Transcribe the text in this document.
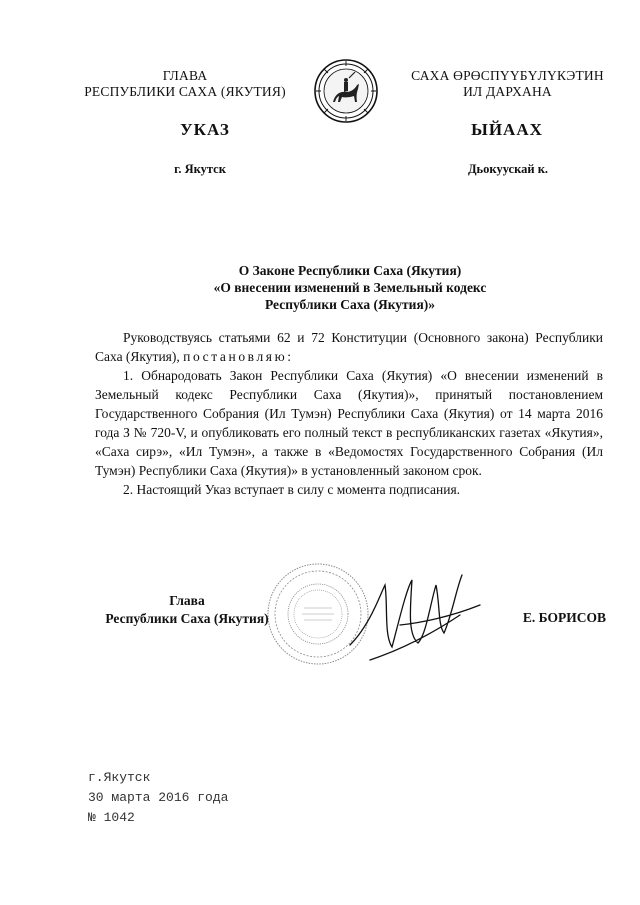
ГЛАВА
РЕСПУБЛИКИ САХА (ЯКУТИЯ)
САХА ӨРӨСПҮҮБҮЛҮКЭТИН
ИЛ ДАРХАНА
УКАЗ	ЫЙААХ
г. Якутск	Дьокуускай к.
О Законе Республики Саха (Якутия)
«О внесении изменений в Земельный кодекс
Республики Саха (Якутия)»

Руководствуясь статьями 62 и 72 Конституции (Основного закона) Республики Саха (Якутия), постановляю:

1. Обнародовать Закон Республики Саха (Якутия) «О внесении изменений в Земельный кодекс Республики Саха (Якутия)», принятый постановлением Государственного Собрания (Ил Тумэн) Республики Саха (Якутия) от 14 марта 2016 года З № 720-V, и опубликовать его полный текст в республиканских газетах «Якутия», «Саха сирэ», «Ил Тумэн», а также в «Ведомостях Государственного Собрания (Ил Тумэн) Республики Саха (Якутия)» в установленный законом срок.

2. Настоящий Указ вступает в силу с момента подписания.

Глава
Республики Саха (Якутия)	Е. БОРИСОВ
г.Якутск
30 марта 2016 года
№ 1042
